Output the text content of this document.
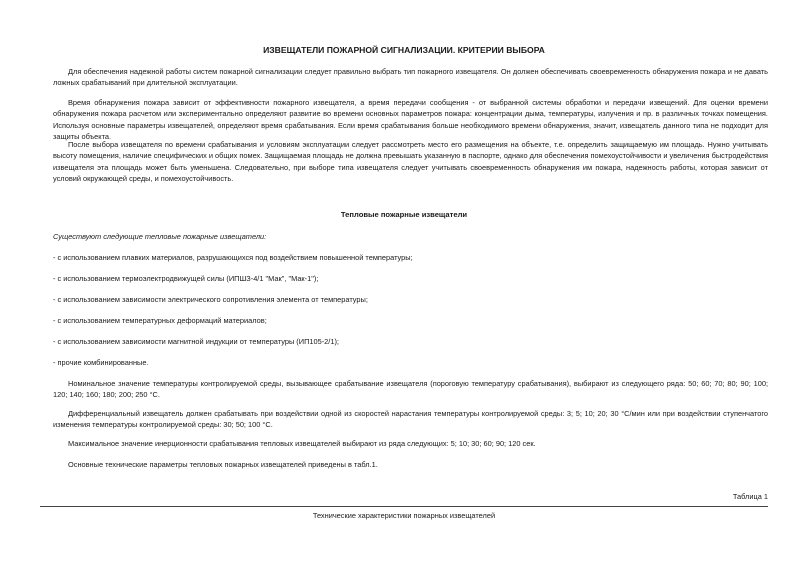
ИЗВЕЩАТЕЛИ ПОЖАРНОЙ СИГНАЛИЗАЦИИ. КРИТЕРИИ ВЫБОРА

Для обеспечения надежной работы систем пожарной сигнализации следует правильно выбрать тип пожарного извещателя. Он должен обеспечивать своевременность обнаружения пожара и не давать ложных срабатываний при длительной эксплуатации.

Время обнаружения пожара зависит от эффективности пожарного извещателя, а время передачи сообщения - от выбранной системы обработки и передачи извещений. Для оценки времени обнаружения пожара расчетом или экспериментально определяют развитие во времени основных параметров пожара: концентрации дыма, температуры, излучения и пр. в различных точках помещения. Используя основные параметры извещателей, определяют время срабатывания. Если время срабатывания больше необходимого времени обнаружения, значит, извещатель данного типа не подходит для защиты объекта.

После выбора извещателя по времени срабатывания и условиям эксплуатации следует рассмотреть место его размещения на объекте, т.е. определить защищаемую им площадь. Нужно учитывать высоту помещения, наличие специфических и общих помех. Защищаемая площадь не должна превышать указанную в паспорте, однако для обеспечения помехоустойчивости и увеличения быстродействия извещателя эта площадь может быть уменьшена. Следовательно, при выборе типа извещателя следует учитывать своевременность обнаружения им пожара, надежность работы, которая зависит от условий окружающей среды, и помехоустойчивость.

Тепловые пожарные извещатели

Существуют следующие тепловые пожарные извещатели:

- с использованием плавких материалов, разрушающихся под воздействием повышенной температуры;

- с использованием термоэлектродвижущей силы (ИПШЗ-4/1 "Мак", "Мак-1");

- с использованием зависимости электрического сопротивления элемента от температуры;

- с использованием температурных деформаций материалов;

- с использованием зависимости магнитной индукции от температуры (ИП105-2/1);

- прочие комбинированные.

Номинальное значение температуры контролируемой среды, вызывающее срабатывание извещателя (пороговую температуру срабатывания), выбирают из следующего ряда: 50; 60; 70; 80; 90; 100; 120; 140; 160; 180; 200; 250 °С.

Дифференциальный извещатель должен срабатывать при воздействии одной из скоростей нарастания температуры контролируемой среды: 3; 5; 10; 20; 30 °С/мин или при воздействии ступенчатого изменения температуры контролируемой среды: 30; 50; 100 °С.

Максимальное значение инерционности срабатывания тепловых извещателей выбирают из ряда следующих: 5; 10; 30; 60; 90; 120 сек.

Основные технические параметры тепловых пожарных извещателей приведены в табл.1.

Таблица 1
Технические характеристики пожарных извещателей
